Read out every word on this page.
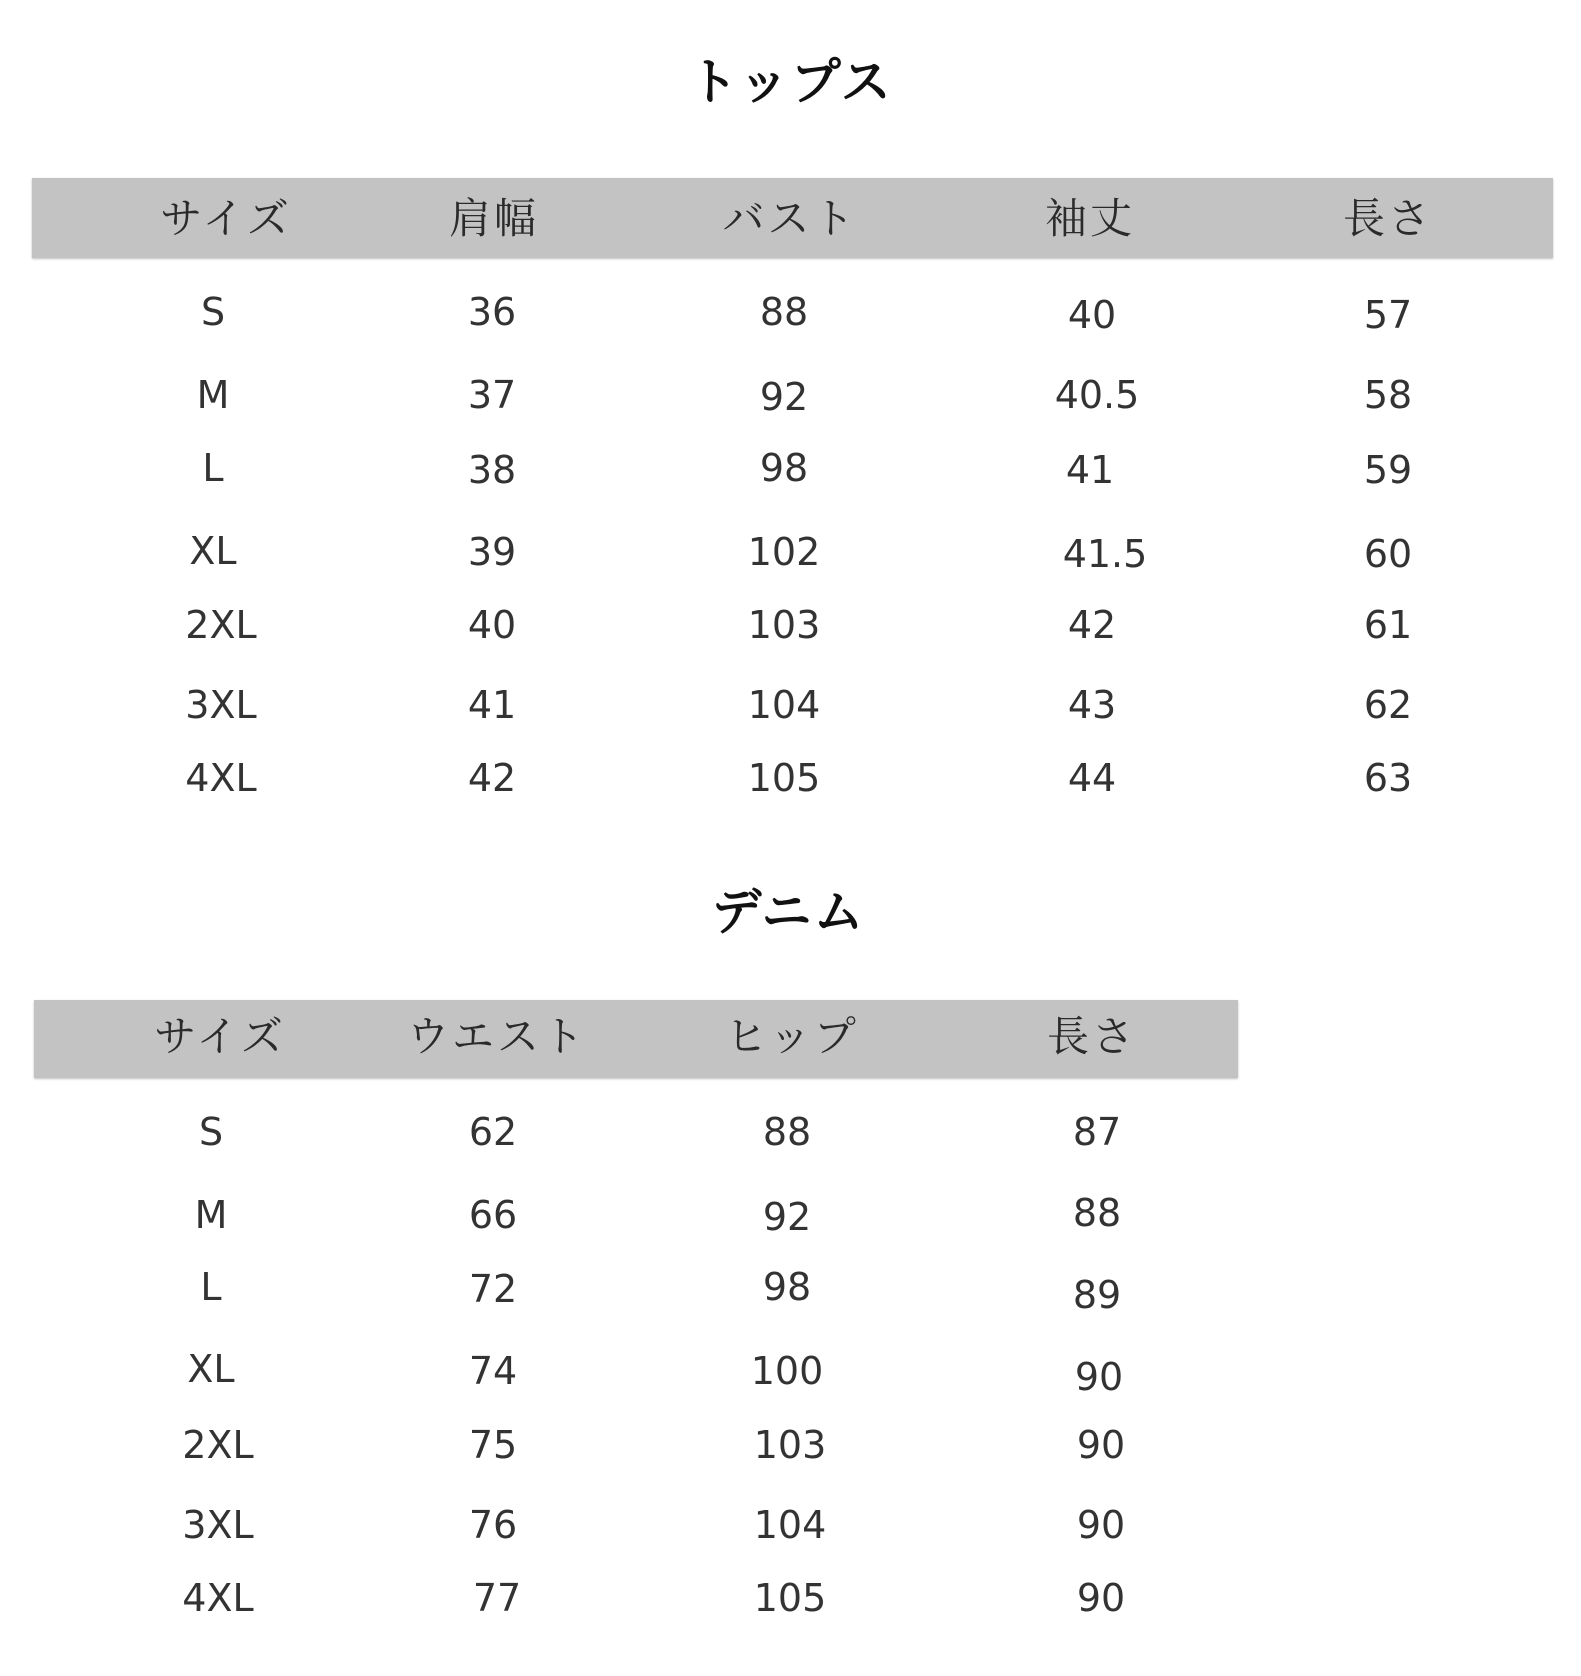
トップス
サイズ	肩幅	バスト	袖丈	長さ
S	36	88	40	57
M	37	92	40.5	58
L	38	98	41	59
XL	39	102	41.5	60
2XL	40	103	42	61
3XL	41	104	43	62
4XL	42	105	44	63
デニム
サイズ	ウエスト	ヒップ	長さ
S	62	88	87
M	66	92	88
L	72	98	89
XL	74	100	90
2XL	75	103	90
3XL	76	104	90
4XL	77	105	90
